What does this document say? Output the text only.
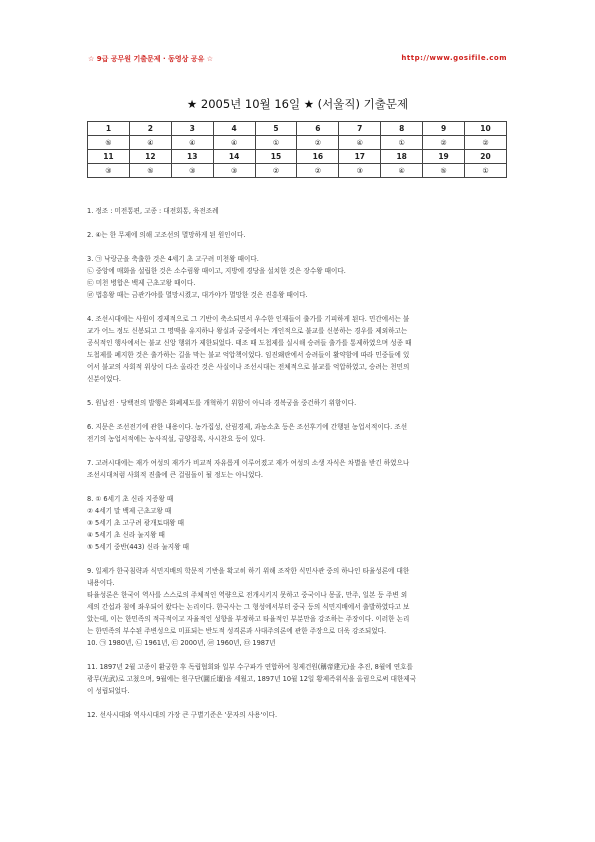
☆ 9급 공무원 기출문제 · 동영상 공유 ☆	http://www.gosifile.com
★ 2005년 10월 16일 ★ (서울직) 기출문제
1	2	3	4	5	6	7	8	9	10
⑤	④	④	④	①	②	④	①	②	②
11	12	13	14	15	16	17	18	19	20
③	⑤	③	③	②	②	③	④	⑤	①

1. 정조 : 미전통편, 고종 : 대전회통, 육전조례

2. ④는 한 무제에 의해 고조선의 멸망하게 된 원인이다.

3. ㉠ 낙랑군을 축출한 것은 4세기 초 고구려 미천왕 때이다.
㉡ 중앙에 매화을 설립한 것은 소수림왕 때이고, 지방에 경당을 설치한 것은 장수왕 때이다.
㉢ 미천 병합은 백제 근초고왕 때이다.
㉣ 법흥왕 때는 금관가야를 멸망시켰고, 대가야가 멸망한 것은 진흥왕 때이다.

4. 조선시대에는 사원이 경제적으로 그 기반이 축소되면서 우수한 인재들이 출가를 기피하게 된다. 민간에서는 불
교가 어느 정도 신봉되고 그 명맥을 유지하나 왕실과 궁중에서는 개인적으로 불교를 신봉하는 경우를 제외하고는
공식적인 행사에서는 불교 신앙 행위가 제한되었다. 태조 때 도첩제를 실시해 승려들 출가를 통제하였으며 성종 때
도첩제를 폐지한 것은 출가하는 길을 막는 불교 억압책이었다. 임진왜란에서 승려들이 활약함에 따라 민중들에 있
어서 불교의 사회적 위상이 다소 올라간 것은 사실이나 조선시대는 전체적으로 불교를 억압하였고, 승려는 천민의
신분이었다.

5. 원납전 · 당백전의 발행은 화폐제도를 개혁하기 위함이 아니라 경복궁을 중건하기 위함이다.

6. 지문은 조선전기에 관한 내용이다. 농가집성, 산림경제, 과농소초 등은 조선후기에 간행된 농업서적이다. 조선
전기의 농업서적에는 농사직설, 금양잡록, 사시찬요 등이 있다.

7. 고려시대에는 재가 여성의 재가가 비교적 자유롭게 이루어졌고 재가 여성의 소생 자식은 차별을 받긴 하였으나
조선시대처럼 사회적 진출에 큰 걸림돌이 될 정도는 아니었다.

8. ① 6세기 초 신라 지증왕 때
② 4세기 말 백제 근초고왕 때
③ 5세기 초 고구려 광개토대왕 때
④ 5세기 초 신라 눌지왕 때
⑤ 5세기 중반(443) 신라 눌지왕 때

9. 일제가 한국침략과 식민지배의 학문적 기반을 확고히 하기 위해 조작한 식민사관 중의 하나인 타율성론에 대한
내용이다.
타율성론은 한국이 역사를 스스로의 주체적인 역량으로 전개시키지 못하고 중국이나 몽골, 만주, 일본 등 주변 외
세의 간섭과 침에 좌우되어 왔다는 논리이다. 한국사는 그 형성에서부터 중국 등의 식민지배에서 출발하였다고 보
았는데, 이는 한민족의 적극적이고 자율적인 성향을 부정하고 타율적인 부분만을 강조하는 주장이다. 이러한 논리
는 한민족의 부수된 주변성으로 미표되는 반도적 성격론과 사대주의론에 관한 주장으로 더욱 강조되었다.
10. ㉠ 1980년, ㉡ 1961년, ㉢ 2000년, ㉣ 1960년, ㉤ 1987년

11. 1897년 2월 고종이 환궁한 후 독립협회와 일부 수구파가 연합하여 칭제건원(稱帝建元)을 추진, 8월에 연호를
광무(光武)로 고쳤으며, 9월에는 원구단(圜丘壇)을 세웠고, 1897년 10월 12일 황제즉위식을 올림으로써 대한제국
이 성립되었다.

12. 선사시대와 역사시대의 가장 큰 구별기준은 '문자의 사용'이다.
